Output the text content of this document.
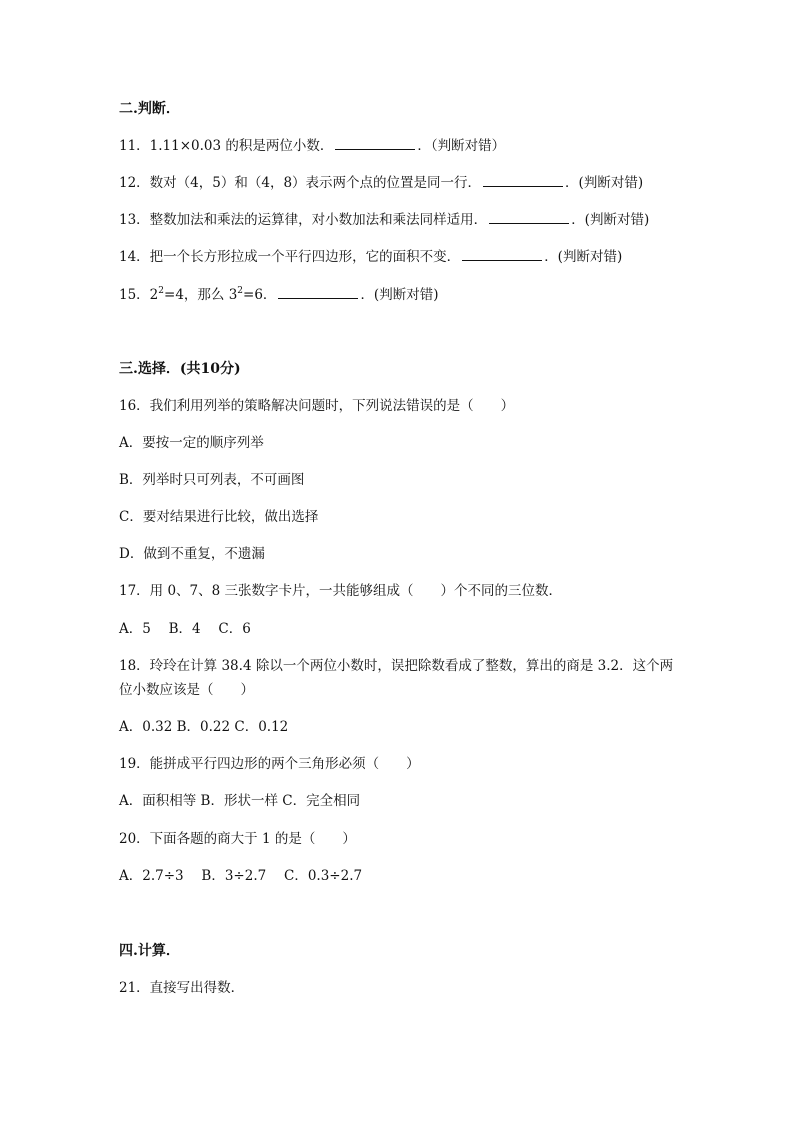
二.判断．
11．1.11×0.03 的积是两位小数．	．（判断对错）
12．数对（4，5）和（4，8）表示两个点的位置是同一行．	．(判断对错)
13．整数加法和乘法的运算律，对小数加法和乘法同样适用．	．(判断对错)
14．把一个长方形拉成一个平行四边形，它的面积不变．	．(判断对错)
15．$2^2=4$，那么 $3^2=6$．	．(判断对错)
三.选择．(共10分)
16．我们利用列举的策略解决问题时，下列说法错误的是（　　）
A．要按一定的顺序列举
B．列举时只可列表，不可画图
C．要对结果进行比较，做出选择
D．做到不重复，不遗漏
17．用 0、7、8 三张数字卡片，一共能够组成（　　）个不同的三位数．
A．5　 B．4　 C．6
18．玲玲在计算 38.4 除以一个两位小数时，误把除数看成了整数，算出的商是 3.2．这个两
位小数应该是（　　）
A．0.32 B．0.22 C．0.12
19．能拼成平行四边形的两个三角形必须（　　）
A．面积相等 B．形状一样 C．完全相同
20．下面各题的商大于 1 的是（　　）
A．2.7÷3　 B．3÷2.7　 C．0.3÷2.7
四.计算．
21．直接写出得数．
